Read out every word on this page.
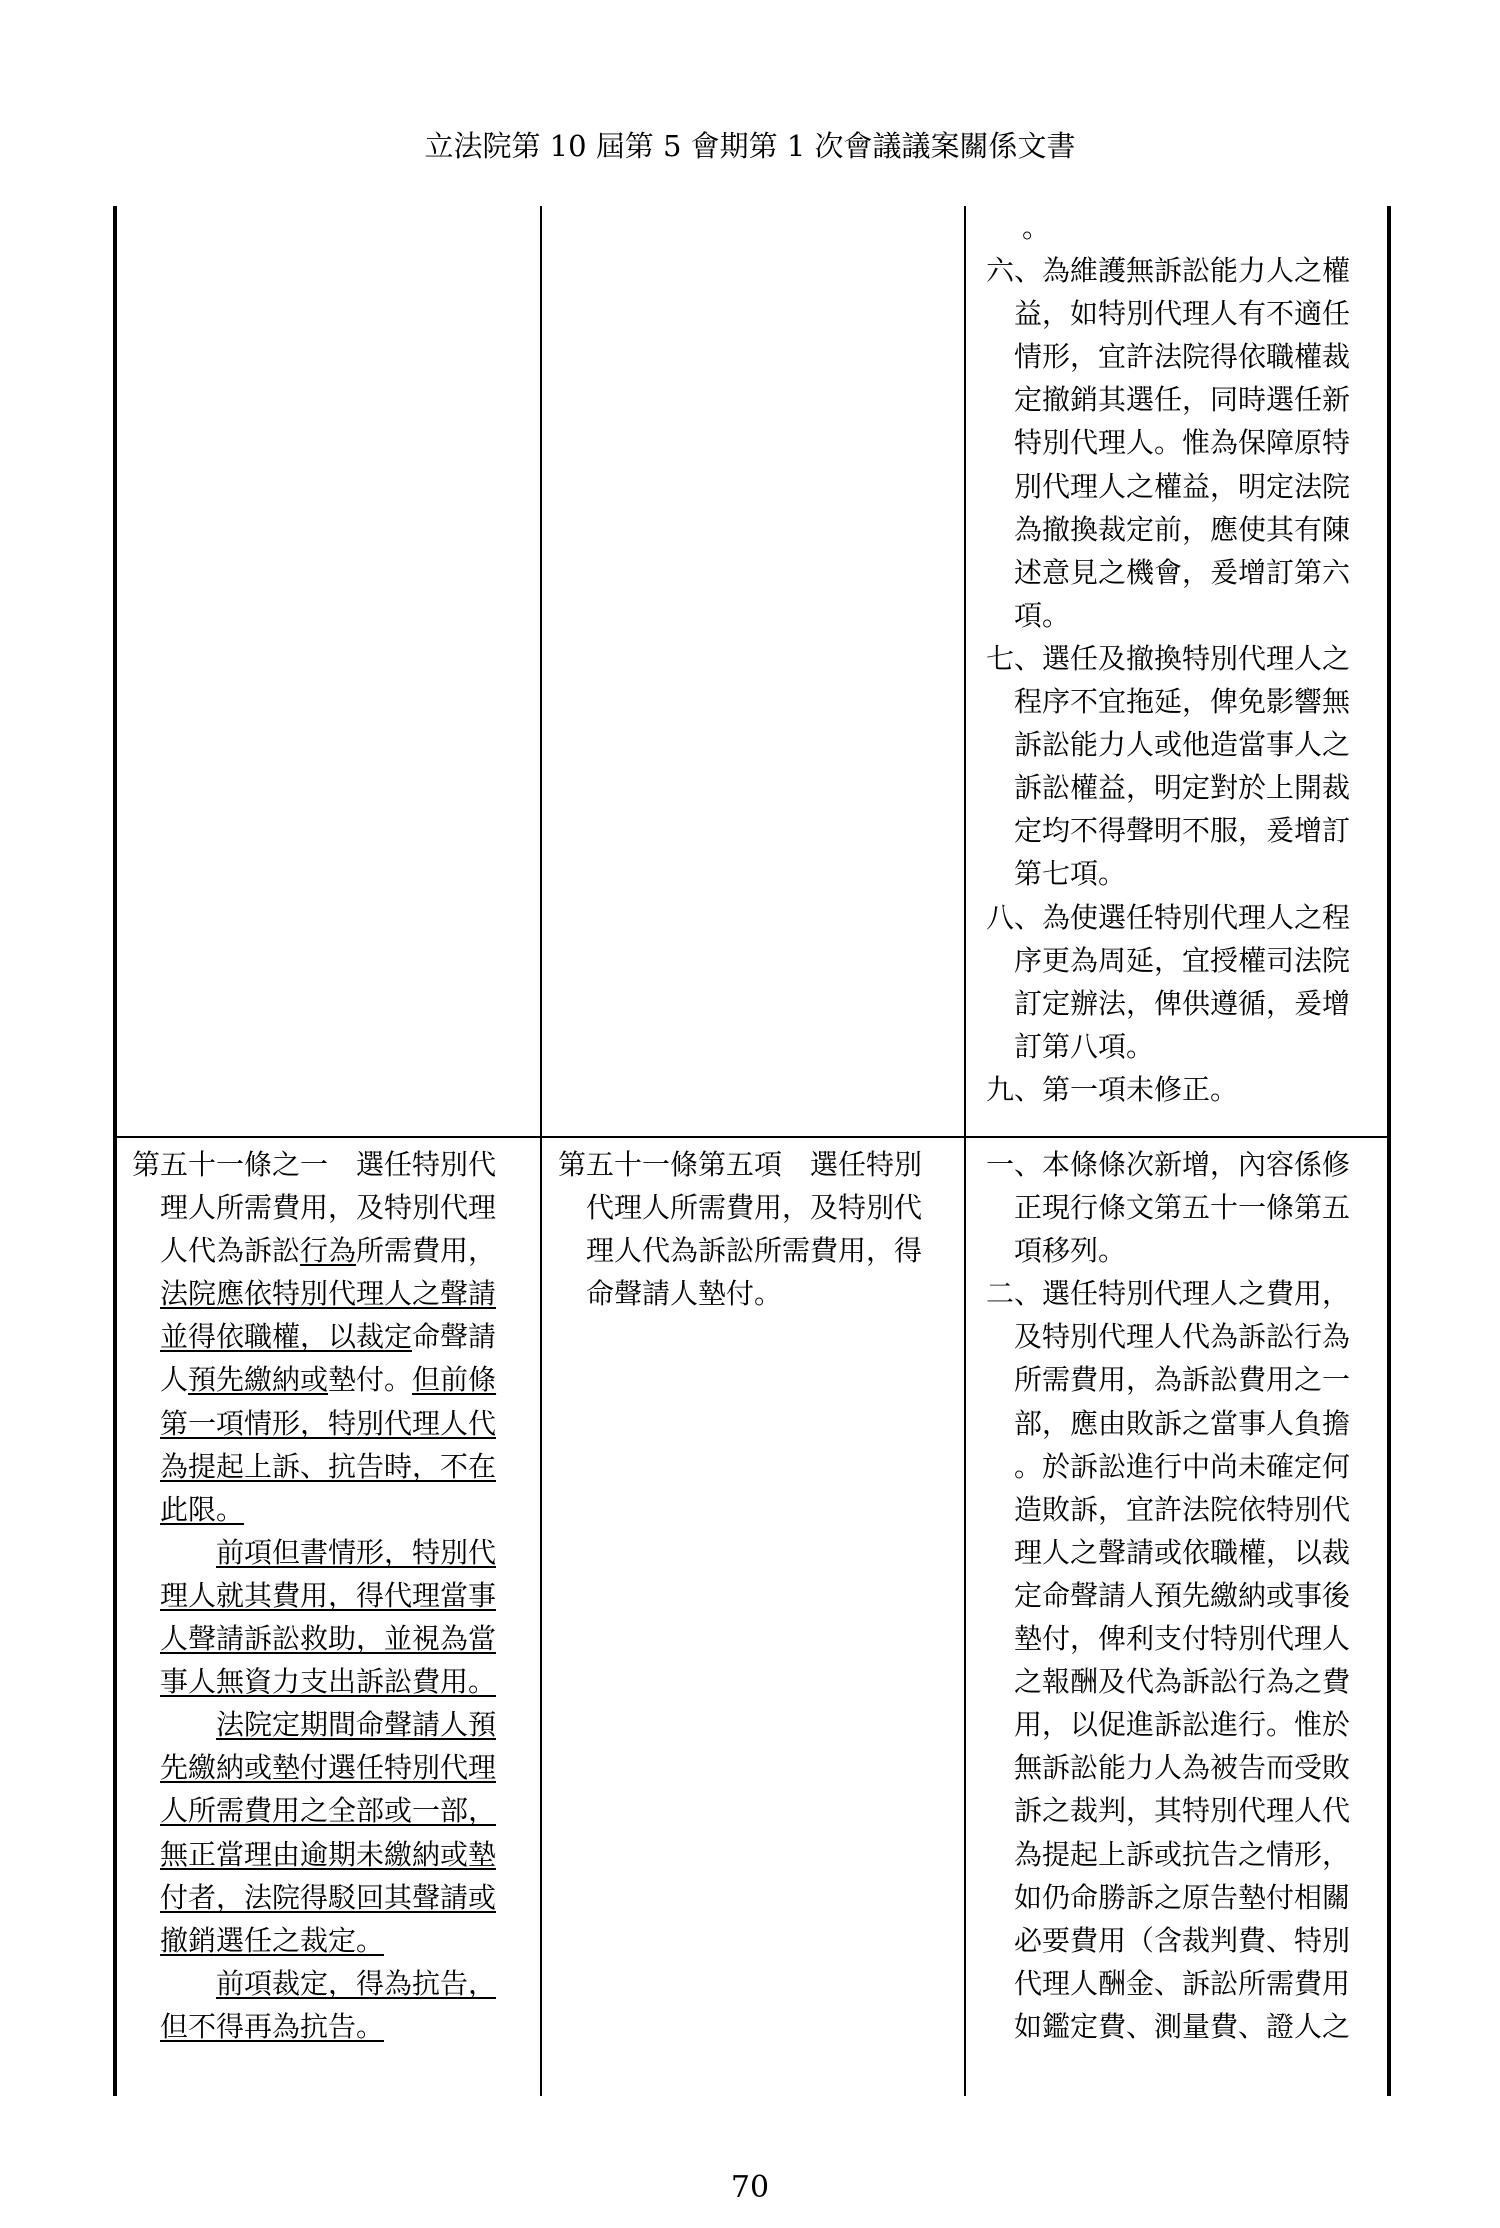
立法院第 10 屆第 5 會期第 1 次會議議案關係文書
。
六、為維護無訴訟能力人之權
益，如特別代理人有不適任
情形，宜許法院得依職權裁
定撤銷其選任，同時選任新
特別代理人。惟為保障原特
別代理人之權益，明定法院
為撤換裁定前，應使其有陳
述意見之機會，爰增訂第六
項。
七、選任及撤換特別代理人之
程序不宜拖延，俾免影響無
訴訟能力人或他造當事人之
訴訟權益，明定對於上開裁
定均不得聲明不服，爰增訂
第七項。
八、為使選任特別代理人之程
序更為周延，宜授權司法院
訂定辦法，俾供遵循，爰增
訂第八項。
九、第一項未修正。
第五十一條之一　選任特別代
理人所需費用，及特別代理
人代為訴訟行為所需費用，
法院應依特別代理人之聲請
並得依職權，以裁定命聲請
人預先繳納或墊付。但前條
第一項情形，特別代理人代
為提起上訴、抗告時，不在
此限。
前項但書情形，特別代
理人就其費用，得代理當事
人聲請訴訟救助，並視為當
事人無資力支出訴訟費用。
法院定期間命聲請人預
先繳納或墊付選任特別代理
人所需費用之全部或一部，
無正當理由逾期未繳納或墊
付者，法院得駁回其聲請或
撤銷選任之裁定。
前項裁定，得為抗告，
但不得再為抗告。
第五十一條第五項　選任特別
代理人所需費用，及特別代
理人代為訴訟所需費用，得
命聲請人墊付。
一、本條條次新增，內容係修
正現行條文第五十一條第五
項移列。
二、選任特別代理人之費用，
及特別代理人代為訴訟行為
所需費用，為訴訟費用之一
部，應由敗訴之當事人負擔
。於訴訟進行中尚未確定何
造敗訴，宜許法院依特別代
理人之聲請或依職權，以裁
定命聲請人預先繳納或事後
墊付，俾利支付特別代理人
之報酬及代為訴訟行為之費
用，以促進訴訟進行。惟於
無訴訟能力人為被告而受敗
訴之裁判，其特別代理人代
為提起上訴或抗告之情形，
如仍命勝訴之原告墊付相關
必要費用（含裁判費、特別
代理人酬金、訴訟所需費用
如鑑定費、測量費、證人之
70
